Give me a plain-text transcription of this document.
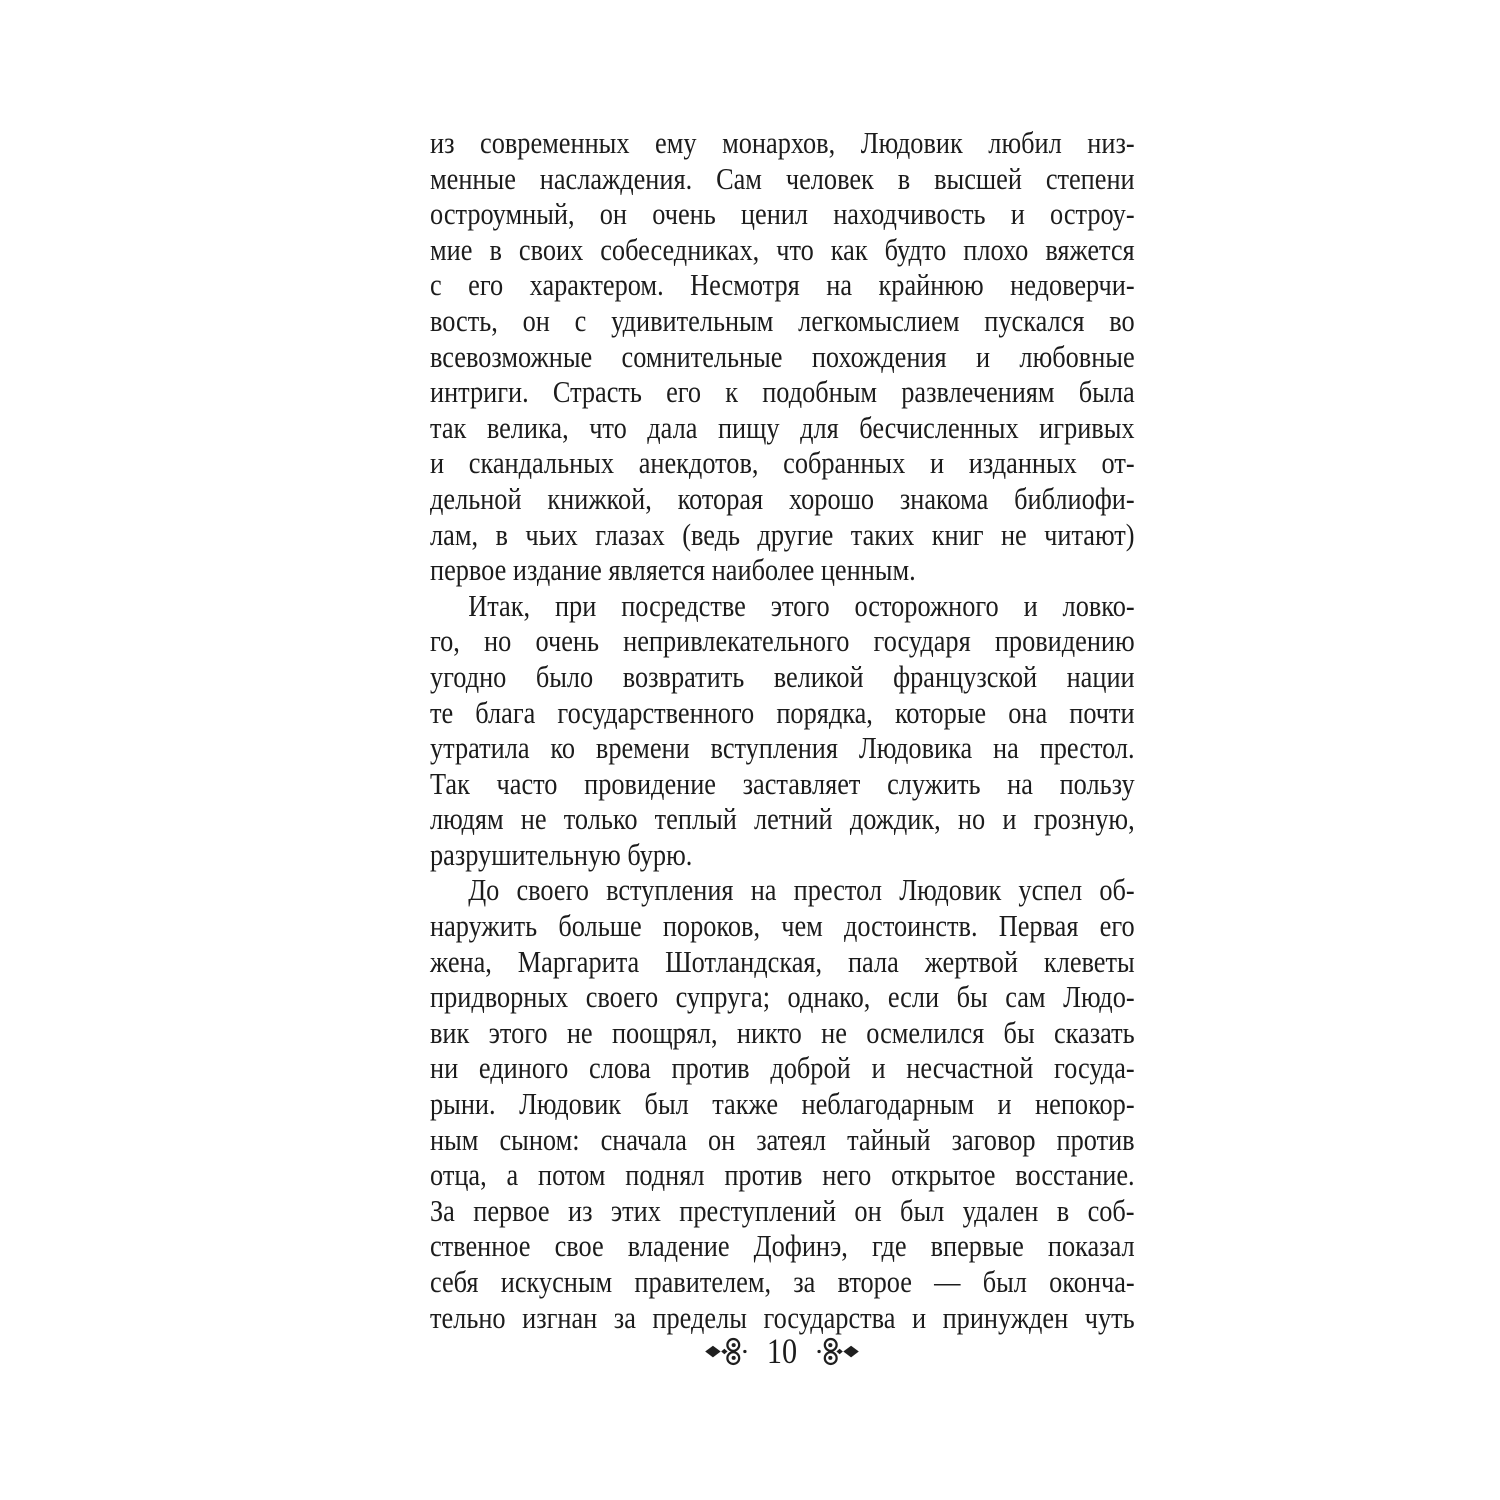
из современных ему монархов, Людовик любил низ-
менные наслаждения. Сам человек в высшей степени
остроумный, он очень ценил находчивость и остроу-
мие в своих собеседниках, что как будто плохо вяжется
с его характером. Несмотря на крайнюю недоверчи-
вость, он с удивительным легкомыслием пускался во
всевозможные сомнительные похождения и любовные
интриги. Страсть его к подобным развлечениям была
так велика, что дала пищу для бесчисленных игривых
и скандальных анекдотов, собранных и изданных от-
дельной книжкой, которая хорошо знакома библиофи-
лам, в чьих глазах (ведь другие таких книг не читают)
первое издание является наиболее ценным.
Итак, при посредстве этого осторожного и ловко-
го, но очень непривлекательного государя провидению
угодно было возвратить великой французской нации
те блага государственного порядка, которые она почти
утратила ко времени вступления Людовика на престол.
Так часто провидение заставляет служить на пользу
людям не только теплый летний дождик, но и грозную,
разрушительную бурю.
До своего вступления на престол Людовик успел об-
наружить больше пороков, чем достоинств. Первая его
жена, Маргарита Шотландская, пала жертвой клеветы
придворных своего супруга; однако, если бы сам Людо-
вик этого не поощрял, никто не осмелился бы сказать
ни единого слова против доброй и несчастной госуда-
рыни. Людовик был также неблагодарным и непокор-
ным сыном: сначала он затеял тайный заговор против
отца, а потом поднял против него открытое восстание.
За первое из этих преступлений он был удален в соб-
ственное свое владение Дофинэ, где впервые показал
себя искусным правителем, за второе — был оконча-
тельно изгнан за пределы государства и принужден чуть
10
